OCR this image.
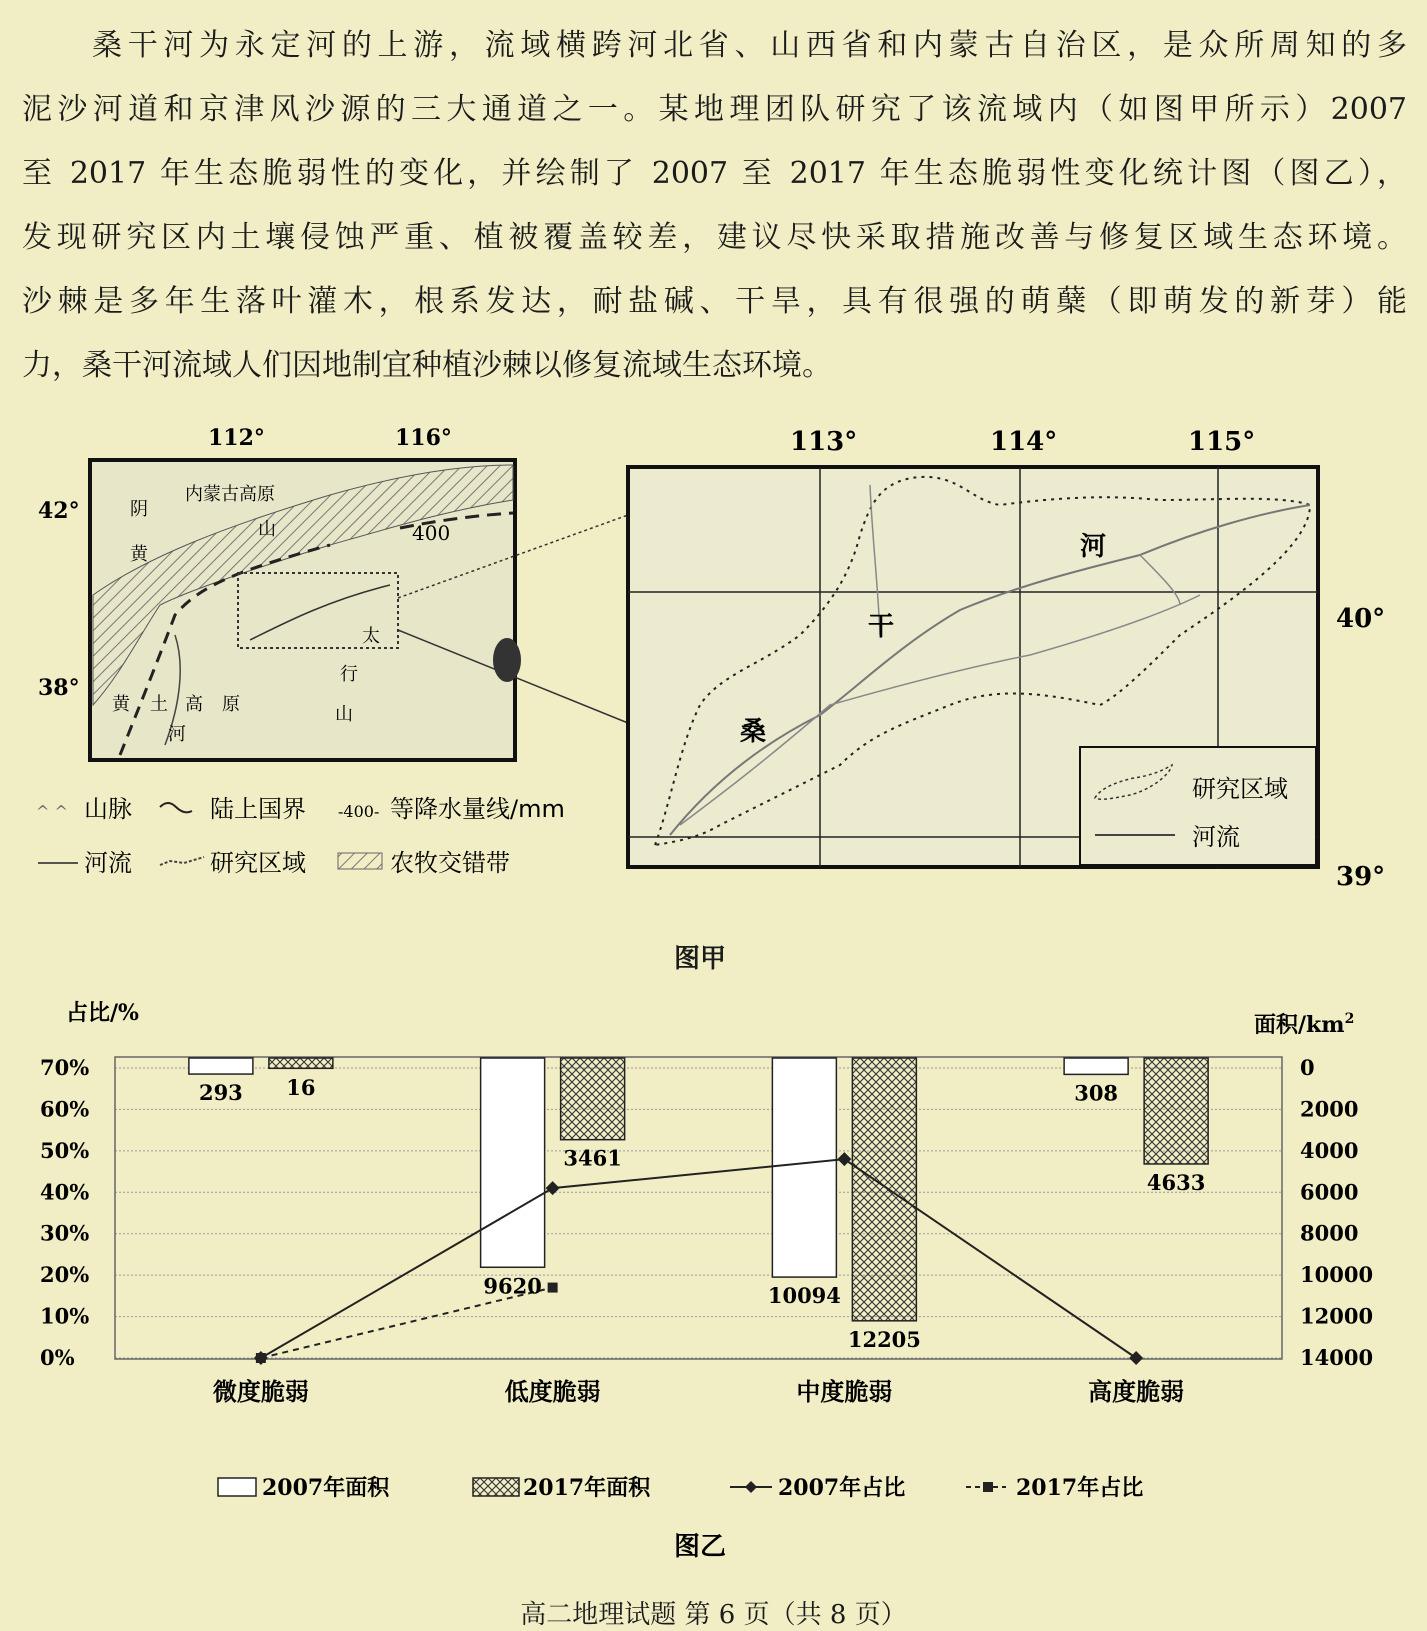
桑干河为永定河的上游，流域横跨河北省、山西省和内蒙古自治区，是众所周知的多

泥沙河道和京津风沙源的三大通道之一。某地理团队研究了该流域内（如图甲所示）2007

至 2017 年生态脆弱性的变化，并绘制了 2007 至 2017 年生态脆弱性变化统计图（图乙），

发现研究区内土壤侵蚀严重、植被覆盖较差，建议尽快采取措施改善与修复区域生态环境。

沙棘是多年生落叶灌木，根系发达，耐盐碱、干旱，具有很强的萌蘖（即萌发的新芽）能

力，桑干河流域人们因地制宜种植沙棘以修复流域生态环境。

内蒙古高原
阴
山
黄
400
黄 土 高 原
河
太
行
山
112°	116°
42°
38°
^ ^ 山脉	陆上国界 -400- 等降水量线/mm
河流	研究区域	农牧交错带
桑
干
河
研究区域
河流
113°	114°	115°
40°
39°
图甲
占比/%	面积$/km^2$
70%
60%
50%
40%
30%
20%
10%
0%
0
2000
4000
6000
8000
10000
12000
14000
微度脆弱	低度脆弱	中度脆弱	高度脆弱
293
9620	10094
308
16
3461
12205
4633
2007年面积	2017年面积	2007年占比	2017年占比
图乙
高二地理试题 第 6 页（共 8 页）
